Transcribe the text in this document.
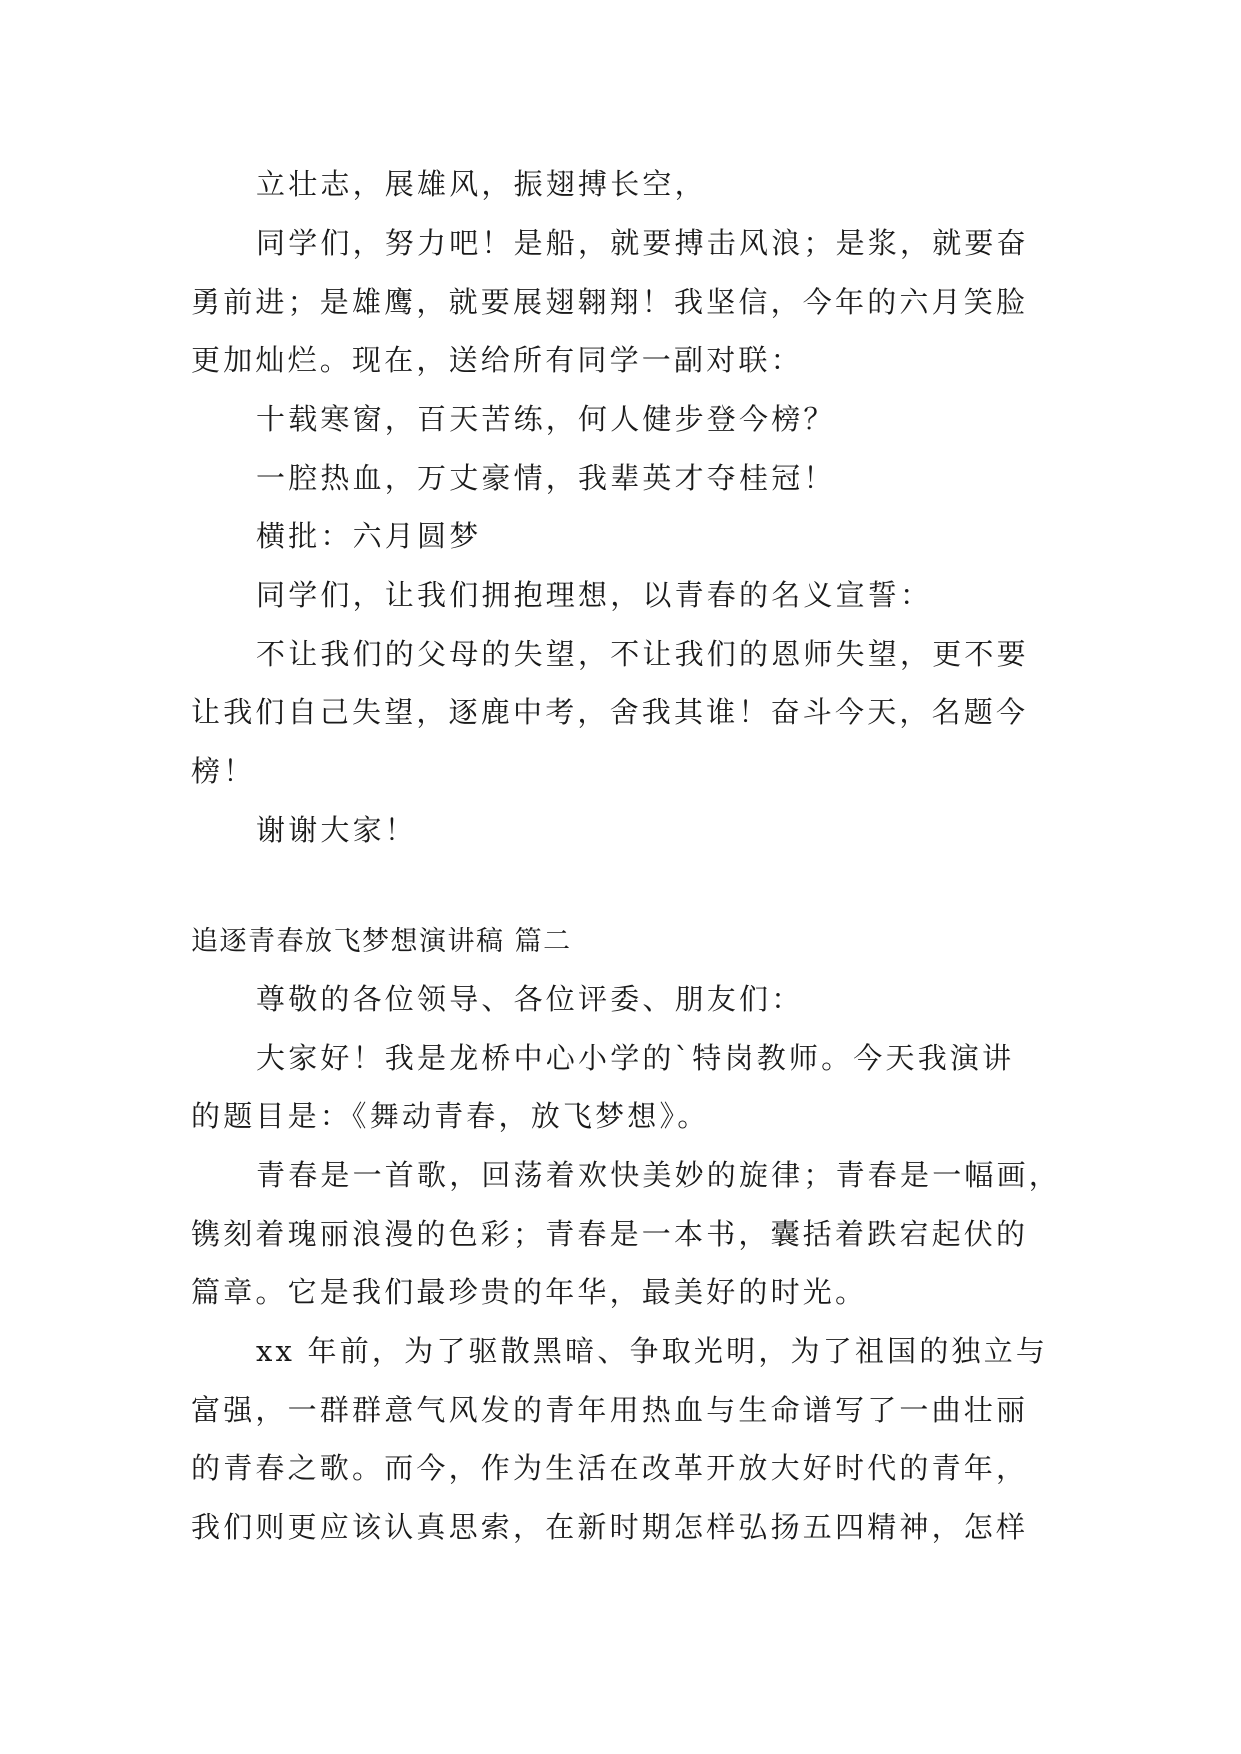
立壮志，展雄风，振翅搏长空，
同学们，努力吧！是船，就要搏击风浪；是浆，就要奋
勇前进；是雄鹰，就要展翅翱翔！我坚信，今年的六月笑脸
更加灿烂。现在，送给所有同学一副对联：
十载寒窗，百天苦练，何人健步登今榜？
一腔热血，万丈豪情，我辈英才夺桂冠！
横批：六月圆梦
同学们，让我们拥抱理想，以青春的名义宣誓：
不让我们的父母的失望，不让我们的恩师失望，更不要
让我们自己失望，逐鹿中考，舍我其谁！奋斗今天，名题今
榜！
谢谢大家！
追逐青春放飞梦想演讲稿 篇二
尊敬的各位领导、各位评委、朋友们：
大家好！我是龙桥中心小学的`特岗教师。今天我演讲
的题目是：《舞动青春，放飞梦想》。
青春是一首歌，回荡着欢快美妙的旋律；青春是一幅画，
镌刻着瑰丽浪漫的色彩；青春是一本书，囊括着跌宕起伏的
篇章。它是我们最珍贵的年华，最美好的时光。
xx 年前，为了驱散黑暗、争取光明，为了祖国的独立与
富强，一群群意气风发的青年用热血与生命谱写了一曲壮丽
的青春之歌。而今，作为生活在改革开放大好时代的青年，
我们则更应该认真思索，在新时期怎样弘扬五四精神，怎样
